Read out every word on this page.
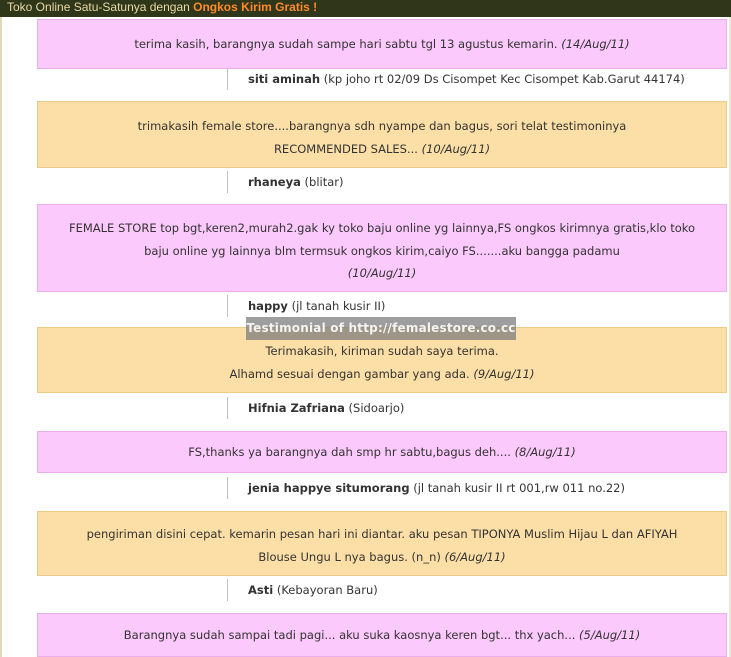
Toko Online Satu-Satunya dengan Ongkos Kirim Gratis !
terima kasih, barangnya sudah sampe hari sabtu tgl 13 agustus kemarin. (14/Aug/11)
siti aminah (kp joho rt 02/09 Ds Cisompet Kec Cisompet Kab.Garut 44174)
trimakasih female store....barangnya sdh nyampe dan bagus, sori telat testimoninya
RECOMMENDED SALES... (10/Aug/11)
rhaneya (blitar)
FEMALE STORE top bgt,keren2,murah2.gak ky toko baju online yg lainnya,FS ongkos kirimnya gratis,klo toko
baju online yg lainnya blm termsuk ongkos kirim,caiyo FS.......aku bangga padamu
(10/Aug/11)
happy (jl tanah kusir II)
Terimakasih, kiriman sudah saya terima.
Alhamd sesuai dengan gambar yang ada. (9/Aug/11)
Hifnia Zafriana (Sidoarjo)
FS,thanks ya barangnya dah smp hr sabtu,bagus deh.... (8/Aug/11)
jenia happye situmorang (jl tanah kusir II rt 001,rw 011 no.22)
pengiriman disini cepat. kemarin pesan hari ini diantar. aku pesan TIPONYA Muslim Hijau L dan AFIYAH
Blouse Ungu L nya bagus. (n_n) (6/Aug/11)
Asti (Kebayoran Baru)
Barangnya sudah sampai tadi pagi... aku suka kaosnya keren bgt... thx yach... (5/Aug/11)
Testimonial of http://femalestore.co.cc
